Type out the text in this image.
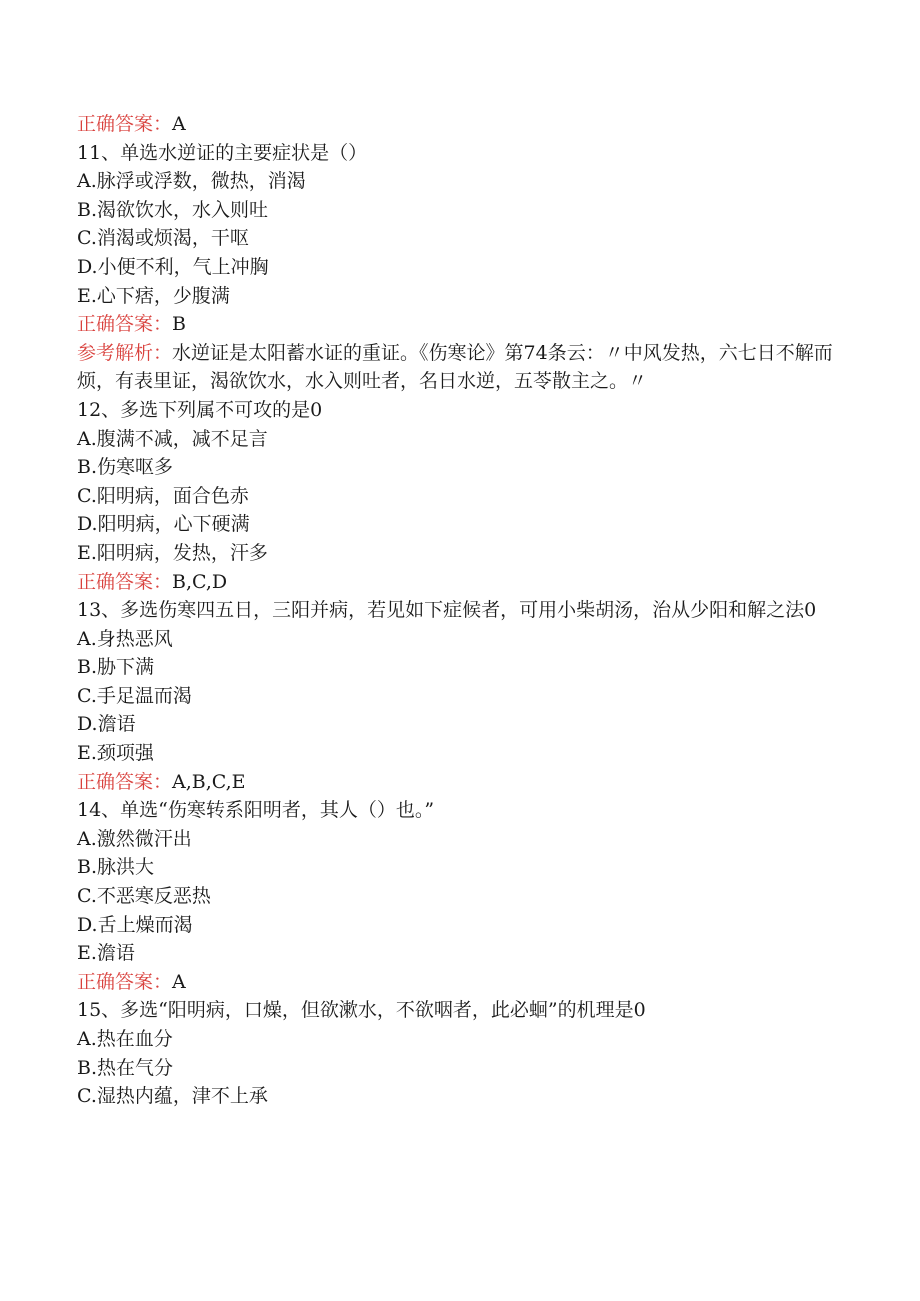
正确答案：A
11、单选水逆证的主要症状是（）
A.脉浮或浮数，微热，消渴
B.渴欲饮水，水入则吐
C.消渴或烦渴，干呕
D.小便不利，气上冲胸
E.心下痞，少腹满
正确答案：B
参考解析：水逆证是太阳蓄水证的重证。《伤寒论》第74条云：〃中风发热，六七日不解而烦，有表里证，渴欲饮水，水入则吐者，名日水逆，五苓散主之。〃
12、多选下列属不可攻的是0
A.腹满不减，减不足言
B.伤寒呕多
C.阳明病，面合色赤
D.阳明病，心下硬满
E.阳明病，发热，汗多
正确答案：B,C,D
13、多选伤寒四五日，三阳并病，若见如下症候者，可用小柴胡汤，治从少阳和解之法0
A.身热恶风
B.胁下满
C.手足温而渴
D.澹语
E.颈项强
正确答案：A,B,C,E
14、单选“伤寒转系阳明者，其人（）也。”
A.激然微汗出
B.脉洪大
C.不恶寒反恶热
D.舌上燥而渴
E.澹语
正确答案：A
15、多选“阳明病，口燥，但欲漱水，不欲咽者，此必蛔”的机理是0
A.热在血分
B.热在气分
C.湿热内蕴，津不上承
